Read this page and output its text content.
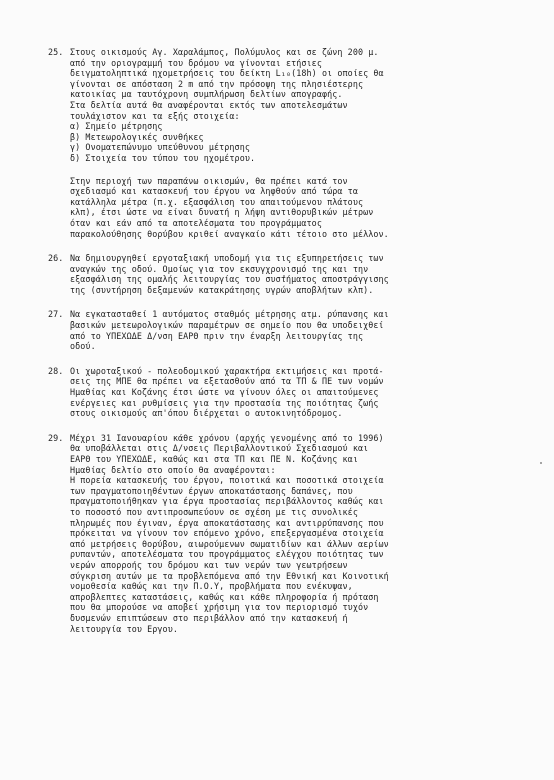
25. Στους οικισμούς Αγ. Χαραλάμπος, Πολύμυλος και σε ζώνη 200 μ.
από την οριογραμμή του δρόμου να γίνονται ετήσιες
δειγματοληπτικά ηχομετρήσεις του δείκτη L₁₀(18h) οι οποίες θα
γίνονται σε απόσταση 2 m από την πρόσοψη της πλησιέστερης
κατοικίας μα ταυτόχρονη συμπλήρωση δελτίων απογραφής.
Στα δελτία αυτά θα αναφέρονται εκτός των αποτελεσμάτων
τουλάχιστον και τα εξής στοιχεία:
α) Σημείο μέτρησης
β) Μετεωρολογικές συνθήκες
γ) Ονοματεπώνυμο υπεύθυνου μέτρησης
δ) Στοιχεία του τύπου του ηχομέτρου.
Στην περιοχή των παραπάνω οικισμών, θα πρέπει κατά τον
σχεδιασμό και κατασκευή του έργου να ληφθούν από τώρα τα
κατάλληλα μέτρα (π.χ. εξασφάλιση του απαιτούμενου πλάτους
κλπ), έτσι ώστε να είναι δυνατή η λήψη αντιθορυβικών μέτρων
όταν και εάν από τα αποτελέσματα του προγράμματος
παρακολούθησης θορύβου κριθεί αναγκαίο κάτι τέτοιο στο μέλλον.
26. Να δημιουργηθεί εργοταξιακή υποδομή για τις εξυπηρετήσεις των
αναγκών της οδού. Ομοίως για τον εκσυγχρονισμό της και την
εξασφάλιση της ομαλής λειτουργίας του συστήματος αποστράγγισης
της (συντήρηση δεξαμενών κατακράτησης υγρών αποβλήτων κλπ).
27. Να εγκατασταθεί 1 αυτόματος σταθμός μέτρησης ατμ. ρύπανσης και
βασικών μετεωρολογικών παραμέτρων σε σημείο που θα υποδειχθεί
από το ΥΠΕΧΩΔΕ Δ/νση ΕΑΡΘ πριν την έναρξη λειτουργίας της
οδού.
28. Οι χωροταξικού - πολεοδομικού χαρακτήρα εκτιμήσεις και προτά-
σεις της ΜΠΕ θα πρέπει να εξετασθούν από τα ΤΠ & ΠΕ των νομών
Ημαθίας και Κοζάνης έτσι ώστε να γίνουν όλες οι απαιτούμενες
ενέργειες και ρυθμίσεις για την προστασία της ποιότητας ζωής
στους οικισμούς απ'όπου διέρχεται ο αυτοκινητόδρομος.
29. Μέχρι 31 Ιανουαρίου κάθε χρόνου (αρχής γενομένης από το 1996)
θα υποβάλλεται στις Δ/νσεις Περιβαλλοντικού Σχεδιασμού και
ΕΑΡΘ του ΥΠΕΧΩΔΕ, καθώς και στα ΤΠ και ΠΕ Ν. Κοζάνης και
Ημαθίας δελτίο στο οποίο θα αναφέρονται:
Η πορεία κατασκευής του έργου, ποιοτικά και ποσοτικά στοιχεία
των πραγματοποιηθέντων έργων αποκατάστασης δαπάνες, που
πραγματοποιήθηκαν για έργα προστασίας περιβάλλοντος καθώς και
το ποσοστό που αντιπροσωπεύουν σε σχέση με τις συνολικές
πληρωμές που έγιναν, έργα αποκατάστασης και αντιρρύπανσης που
πρόκειται να γίνουν τον επόμενο χρόνο, επεξεργασμένα στοιχεία
από μετρήσεις θορύβου, αιωρούμενων σωματιδίων και άλλων αερίων
ρυπαντών, αποτελέσματα του προγράμματος ελέγχου ποιότητας των
νερών απορροής του δρόμου και των νερών των γεωτρήσεων
σύγκριση αυτών με τα προβλεπόμενα από την Εθνική και Κοινοτική
νομοθεσία καθώς και την Π.Ο.Υ, προβλήματα που ενέκυψαν,
απροβλεπτες καταστάσεις, καθώς και κάθε πληροφορία ή πρόταση
που θα μπορούσε να αποβεί χρήσιμη για τον περιορισμό τυχόν
δυσμενών επιπτώσεων στο περιβάλλον από την κατασκευή ή
λειτουργία του Εργου.
